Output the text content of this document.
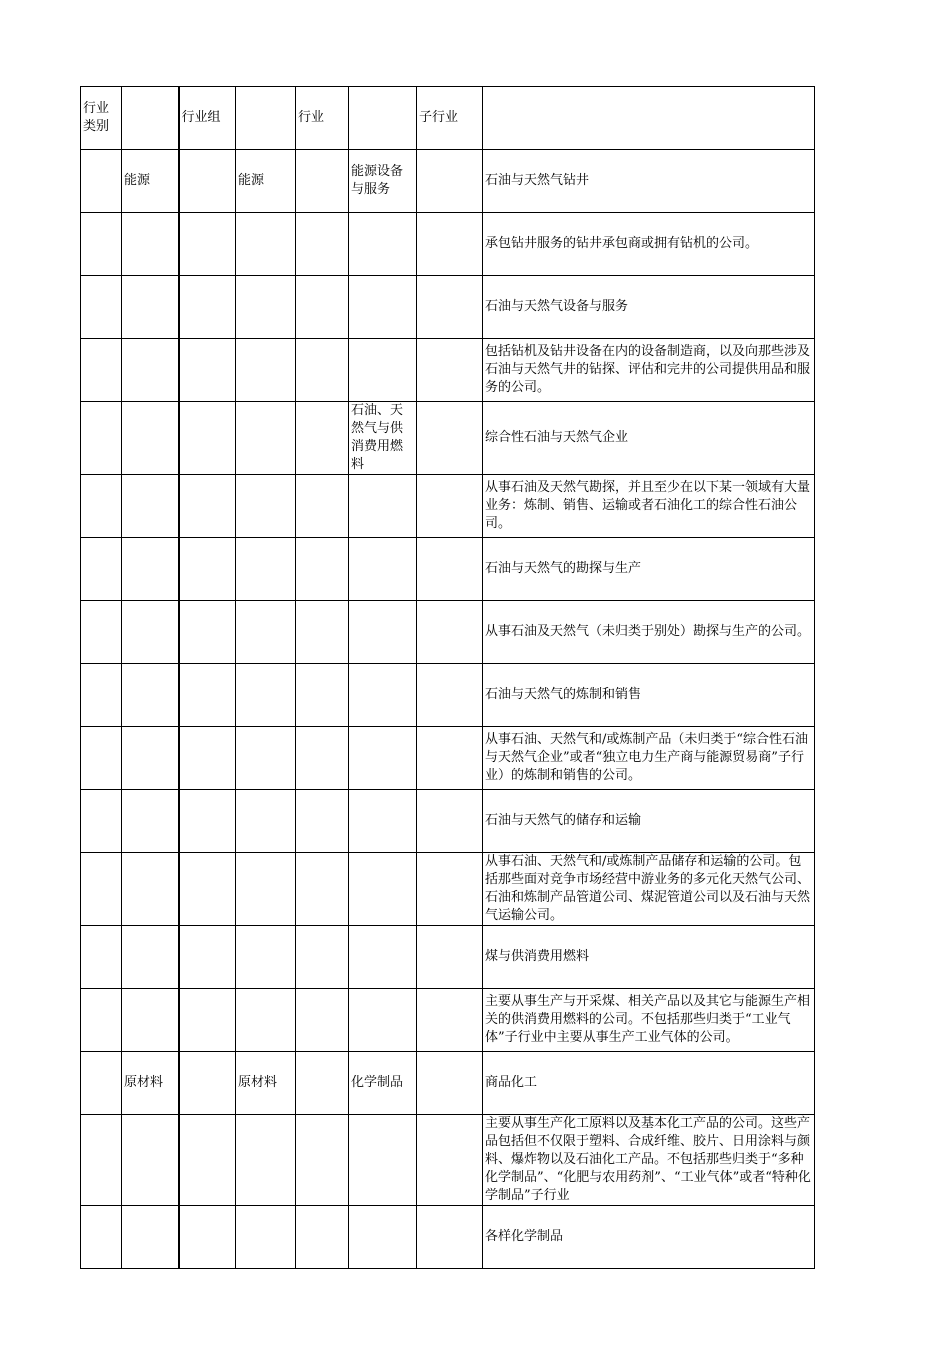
行业类别		行业组		行业		子行业	
	能源		能源		能源设备与服务		石油与天然气钻井
							承包钻井服务的钻井承包商或拥有钻机的公司。
							石油与天然气设备与服务
							包括钻机及钻井设备在内的设备制造商，以及向那些涉及石油与天然气井的钻探、评估和完井的公司提供用品和服务的公司。
					石油、天然气与供消费用燃料		综合性石油与天然气企业
							从事石油及天然气勘探，并且至少在以下某一领域有大量业务：炼制、销售、运输或者石油化工的综合性石油公司。
							石油与天然气的勘探与生产
							从事石油及天然气（未归类于别处）勘探与生产的公司。
							石油与天然气的炼制和销售
							从事石油、天然气和/或炼制产品（未归类于“综合性石油与天然气企业”或者“独立电力生产商与能源贸易商”子行业）的炼制和销售的公司。
							石油与天然气的储存和运输
							从事石油、天然气和/或炼制产品储存和运输的公司。包括那些面对竞争市场经营中游业务的多元化天然气公司、石油和炼制产品管道公司、煤泥管道公司以及石油与天然气运输公司。
							煤与供消费用燃料
							主要从事生产与开采煤、相关产品以及其它与能源生产相关的供消费用燃料的公司。不包括那些归类于“工业气体”子行业中主要从事生产工业气体的公司。
	原材料		原材料		化学制品		商品化工
							主要从事生产化工原料以及基本化工产品的公司。这些产品包括但不仅限于塑料、合成纤维、胶片、日用涂料与颜料、爆炸物以及石油化工产品。不包括那些归类于“多种化学制品”、“化肥与农用药剂”、“工业气体”或者“特种化学制品”子行业
							各样化学制品
